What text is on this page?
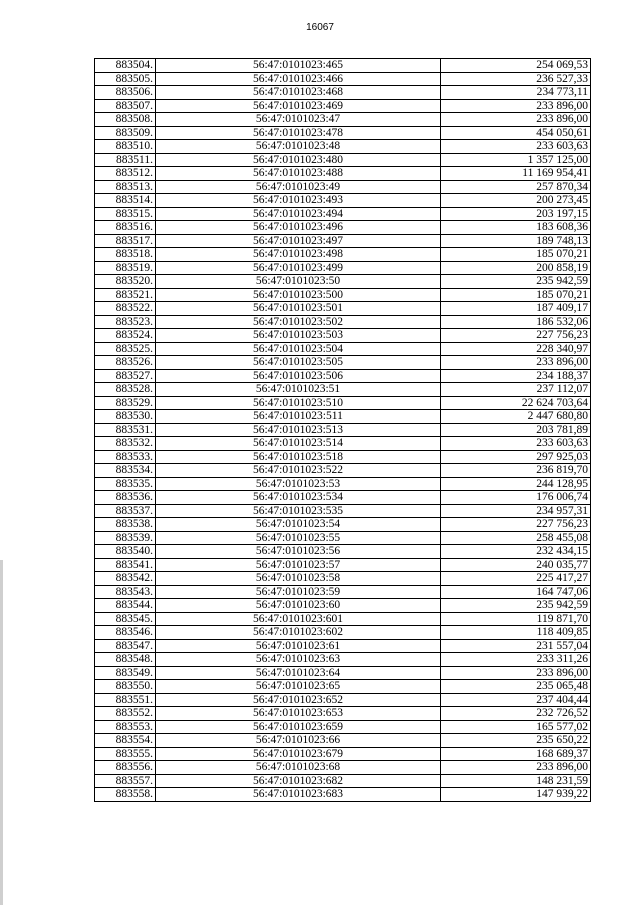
16067
883504.	56:47:0101023:465	254 069,53
883505.	56:47:0101023:466	236 527,33
883506.	56:47:0101023:468	234 773,11
883507.	56:47:0101023:469	233 896,00
883508.	56:47:0101023:47	233 896,00
883509.	56:47:0101023:478	454 050,61
883510.	56:47:0101023:48	233 603,63
883511.	56:47:0101023:480	1 357 125,00
883512.	56:47:0101023:488	11 169 954,41
883513.	56:47:0101023:49	257 870,34
883514.	56:47:0101023:493	200 273,45
883515.	56:47:0101023:494	203 197,15
883516.	56:47:0101023:496	183 608,36
883517.	56:47:0101023:497	189 748,13
883518.	56:47:0101023:498	185 070,21
883519.	56:47:0101023:499	200 858,19
883520.	56:47:0101023:50	235 942,59
883521.	56:47:0101023:500	185 070,21
883522.	56:47:0101023:501	187 409,17
883523.	56:47:0101023:502	186 532,06
883524.	56:47:0101023:503	227 756,23
883525.	56:47:0101023:504	228 340,97
883526.	56:47:0101023:505	233 896,00
883527.	56:47:0101023:506	234 188,37
883528.	56:47:0101023:51	237 112,07
883529.	56:47:0101023:510	22 624 703,64
883530.	56:47:0101023:511	2 447 680,80
883531.	56:47:0101023:513	203 781,89
883532.	56:47:0101023:514	233 603,63
883533.	56:47:0101023:518	297 925,03
883534.	56:47:0101023:522	236 819,70
883535.	56:47:0101023:53	244 128,95
883536.	56:47:0101023:534	176 006,74
883537.	56:47:0101023:535	234 957,31
883538.	56:47:0101023:54	227 756,23
883539.	56:47:0101023:55	258 455,08
883540.	56:47:0101023:56	232 434,15
883541.	56:47:0101023:57	240 035,77
883542.	56:47:0101023:58	225 417,27
883543.	56:47:0101023:59	164 747,06
883544.	56:47:0101023:60	235 942,59
883545.	56:47:0101023:601	119 871,70
883546.	56:47:0101023:602	118 409,85
883547.	56:47:0101023:61	231 557,04
883548.	56:47:0101023:63	233 311,26
883549.	56:47:0101023:64	233 896,00
883550.	56:47:0101023:65	235 065,48
883551.	56:47:0101023:652	237 404,44
883552.	56:47:0101023:653	232 726,52
883553.	56:47:0101023:659	165 577,02
883554.	56:47:0101023:66	235 650,22
883555.	56:47:0101023:679	168 689,37
883556.	56:47:0101023:68	233 896,00
883557.	56:47:0101023:682	148 231,59
883558.	56:47:0101023:683	147 939,22
